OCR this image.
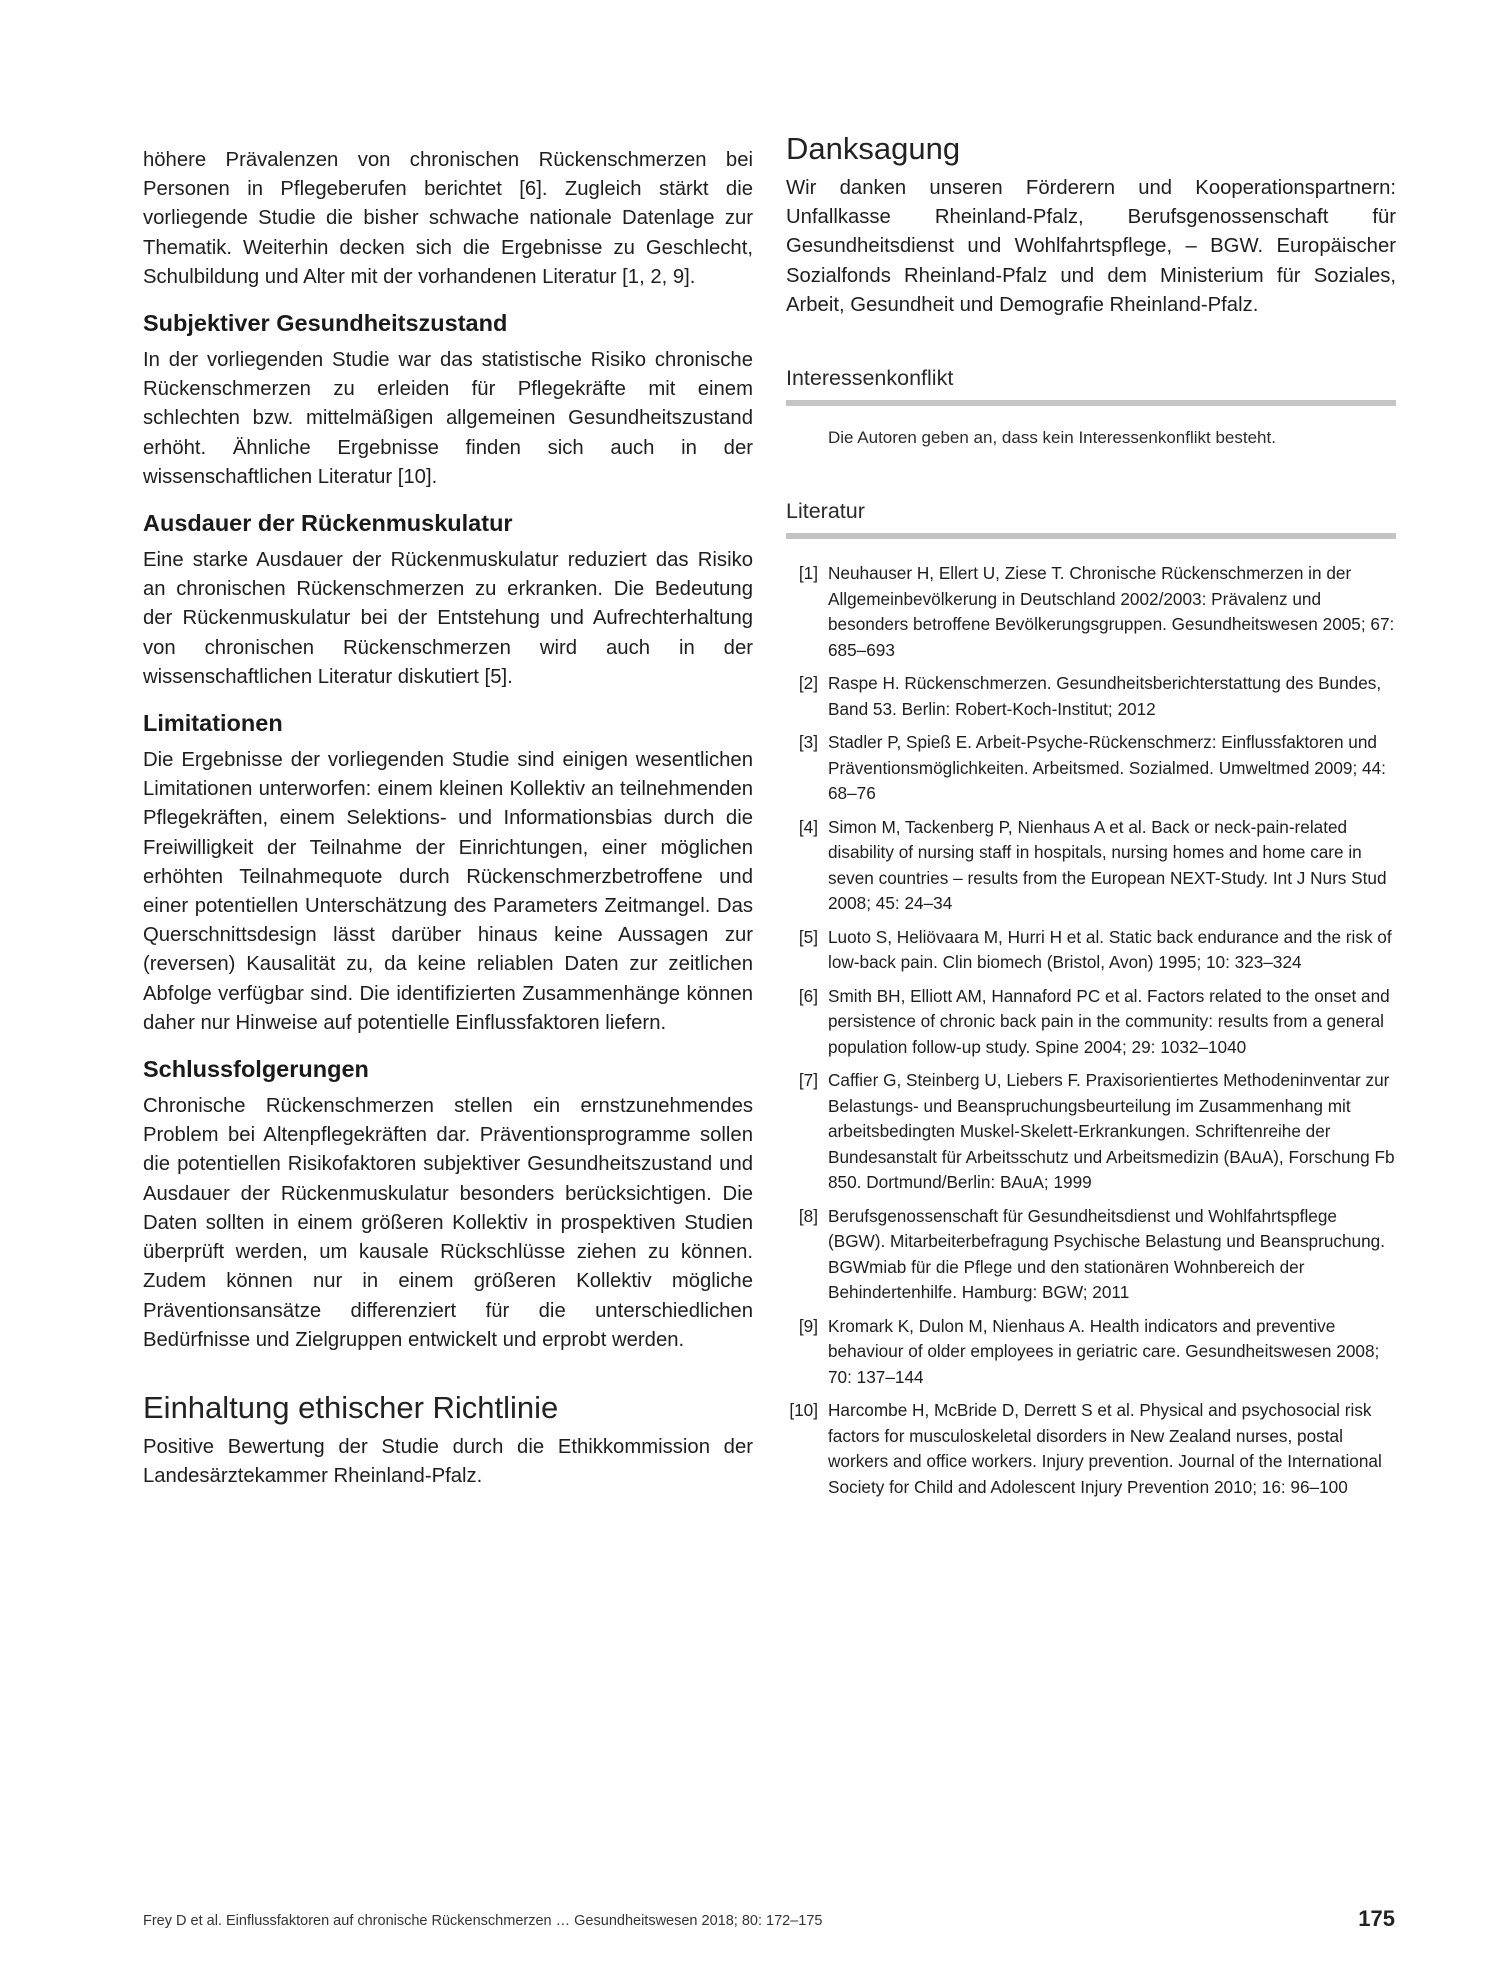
höhere Prävalenzen von chronischen Rückenschmerzen bei Personen in Pflegeberufen berichtet [6]. Zugleich stärkt die vorliegende Studie die bisher schwache nationale Datenlage zur Thematik. Weiterhin decken sich die Ergebnisse zu Geschlecht, Schulbildung und Alter mit der vorhandenen Literatur [1, 2, 9].

Subjektiver Gesundheitszustand

In der vorliegenden Studie war das statistische Risiko chronische Rückenschmerzen zu erleiden für Pflegekräfte mit einem schlechten bzw. mittelmäßigen allgemeinen Gesundheitszustand erhöht. Ähnliche Ergebnisse finden sich auch in der wissenschaftlichen Literatur [10].

Ausdauer der Rückenmuskulatur

Eine starke Ausdauer der Rückenmuskulatur reduziert das Risiko an chronischen Rückenschmerzen zu erkranken. Die Bedeutung der Rückenmuskulatur bei der Entstehung und Aufrechterhaltung von chronischen Rückenschmerzen wird auch in der wissenschaftlichen Literatur diskutiert [5].

Limitationen

Die Ergebnisse der vorliegenden Studie sind einigen wesentlichen Limitationen unterworfen: einem kleinen Kollektiv an teilnehmenden Pflegekräften, einem Selektions- und Informationsbias durch die Freiwilligkeit der Teilnahme der Einrichtungen, einer möglichen erhöhten Teilnahmequote durch Rückenschmerzbetroffene und einer potentiellen Unterschätzung des Parameters Zeitmangel. Das Querschnittsdesign lässt darüber hinaus keine Aussagen zur (reversen) Kausalität zu, da keine reliablen Daten zur zeitlichen Abfolge verfügbar sind. Die identifizierten Zusammenhänge können daher nur Hinweise auf potentielle Einflussfaktoren liefern.

Schlussfolgerungen

Chronische Rückenschmerzen stellen ein ernstzunehmendes Problem bei Altenpflegekräften dar. Präventionsprogramme sollen die potentiellen Risikofaktoren subjektiver Gesundheitszustand und Ausdauer der Rückenmuskulatur besonders berücksichtigen. Die Daten sollten in einem größeren Kollektiv in prospektiven Studien überprüft werden, um kausale Rückschlüsse ziehen zu können. Zudem können nur in einem größeren Kollektiv mögliche Präventionsansätze differenziert für die unterschiedlichen Bedürfnisse und Zielgruppen entwickelt und erprobt werden.

Einhaltung ethischer Richtlinie

Positive Bewertung der Studie durch die Ethikkommission der Landesärztekammer Rheinland-Pfalz.

Danksagung

Wir danken unseren Förderern und Kooperationspartnern: Unfallkasse Rheinland-Pfalz, Berufsgenossenschaft für Gesundheitsdienst und Wohlfahrtspflege, – BGW. Europäischer Sozialfonds Rheinland-Pfalz und dem Ministerium für Soziales, Arbeit, Gesundheit und Demografie Rheinland-Pfalz.

Interessenkonflikt
Die Autoren geben an, dass kein Interessenkonflikt besteht.
Literatur
[1] Neuhauser H, Ellert U, Ziese T. Chronische Rückenschmerzen in der Allgemeinbevölkerung in Deutschland 2002/2003: Prävalenz und besonders betroffene Bevölkerungsgruppen. Gesundheitswesen 2005; 67: 685–693
[2] Raspe H. Rückenschmerzen. Gesundheitsberichterstattung des Bundes, Band 53. Berlin: Robert-Koch-Institut; 2012
[3] Stadler P, Spieß E. Arbeit-Psyche-Rückenschmerz: Einflussfaktoren und Präventionsmöglichkeiten. Arbeitsmed. Sozialmed. Umweltmed 2009; 44: 68–76
[4] Simon M, Tackenberg P, Nienhaus A et al. Back or neck-pain-related disability of nursing staff in hospitals, nursing homes and home care in seven countries – results from the European NEXT-Study. Int J Nurs Stud 2008; 45: 24–34
[5] Luoto S, Heliövaara M, Hurri H et al. Static back endurance and the risk of low-back pain. Clin biomech (Bristol, Avon) 1995; 10: 323–324
[6] Smith BH, Elliott AM, Hannaford PC et al. Factors related to the onset and persistence of chronic back pain in the community: results from a general population follow-up study. Spine 2004; 29: 1032–1040
[7] Caffier G, Steinberg U, Liebers F. Praxisorientiertes Methodeninventar zur Belastungs- und Beanspruchungsbeurteilung im Zusammenhang mit arbeitsbedingten Muskel-Skelett-Erkrankungen. Schriftenreihe der Bundesanstalt für Arbeitsschutz und Arbeitsmedizin (BAuA), Forschung Fb 850. Dortmund/Berlin: BAuA; 1999
[8] Berufsgenossenschaft für Gesundheitsdienst und Wohlfahrtspflege (BGW). Mitarbeiterbefragung Psychische Belastung und Beanspruchung. BGWmiab für die Pflege und den stationären Wohnbereich der Behindertenhilfe. Hamburg: BGW; 2011
[9] Kromark K, Dulon M, Nienhaus A. Health indicators and preventive behaviour of older employees in geriatric care. Gesundheitswesen 2008; 70: 137–144
[10] Harcombe H, McBride D, Derrett S et al. Physical and psychosocial risk factors for musculoskeletal disorders in New Zealand nurses, postal workers and office workers. Injury prevention. Journal of the International Society for Child and Adolescent Injury Prevention 2010; 16: 96–100
Frey D et al. Einflussfaktoren auf chronische Rückenschmerzen … Gesundheitswesen 2018; 80: 172–175	175
